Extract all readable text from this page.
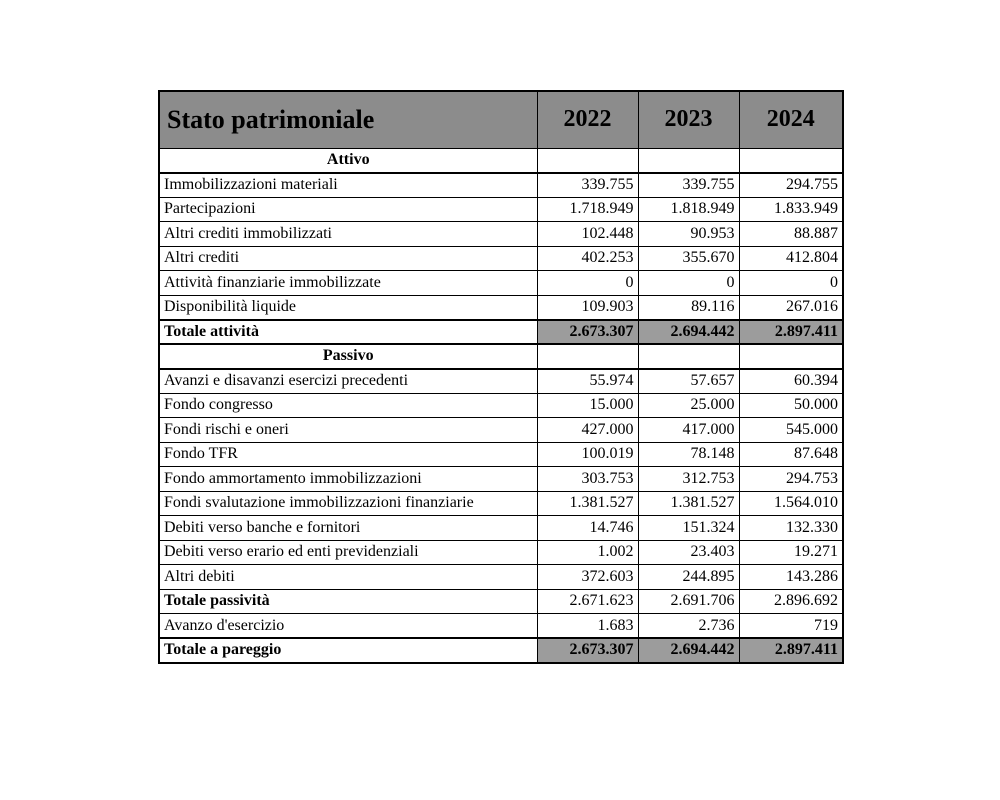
Stato patrimoniale	2022	2023	2024
Attivo			
Immobilizzazioni materiali	339.755	339.755	294.755
Partecipazioni	1.718.949	1.818.949	1.833.949
Altri crediti immobilizzati	102.448	90.953	88.887
Altri crediti	402.253	355.670	412.804
Attività finanziarie immobilizzate	0	0	0
Disponibilità liquide	109.903	89.116	267.016
Totale attività	2.673.307	2.694.442	2.897.411
Passivo			
Avanzi e disavanzi esercizi precedenti	55.974	57.657	60.394
Fondo congresso	15.000	25.000	50.000
Fondi rischi e oneri	427.000	417.000	545.000
Fondo TFR	100.019	78.148	87.648
Fondo ammortamento immobilizzazioni	303.753	312.753	294.753
Fondi svalutazione immobilizzazioni finanziarie	1.381.527	1.381.527	1.564.010
Debiti verso banche e fornitori	14.746	151.324	132.330
Debiti verso erario ed enti previdenziali	1.002	23.403	19.271
Altri debiti	372.603	244.895	143.286
Totale passività	2.671.623	2.691.706	2.896.692
Avanzo d'esercizio	1.683	2.736	719
Totale a pareggio	2.673.307	2.694.442	2.897.411
